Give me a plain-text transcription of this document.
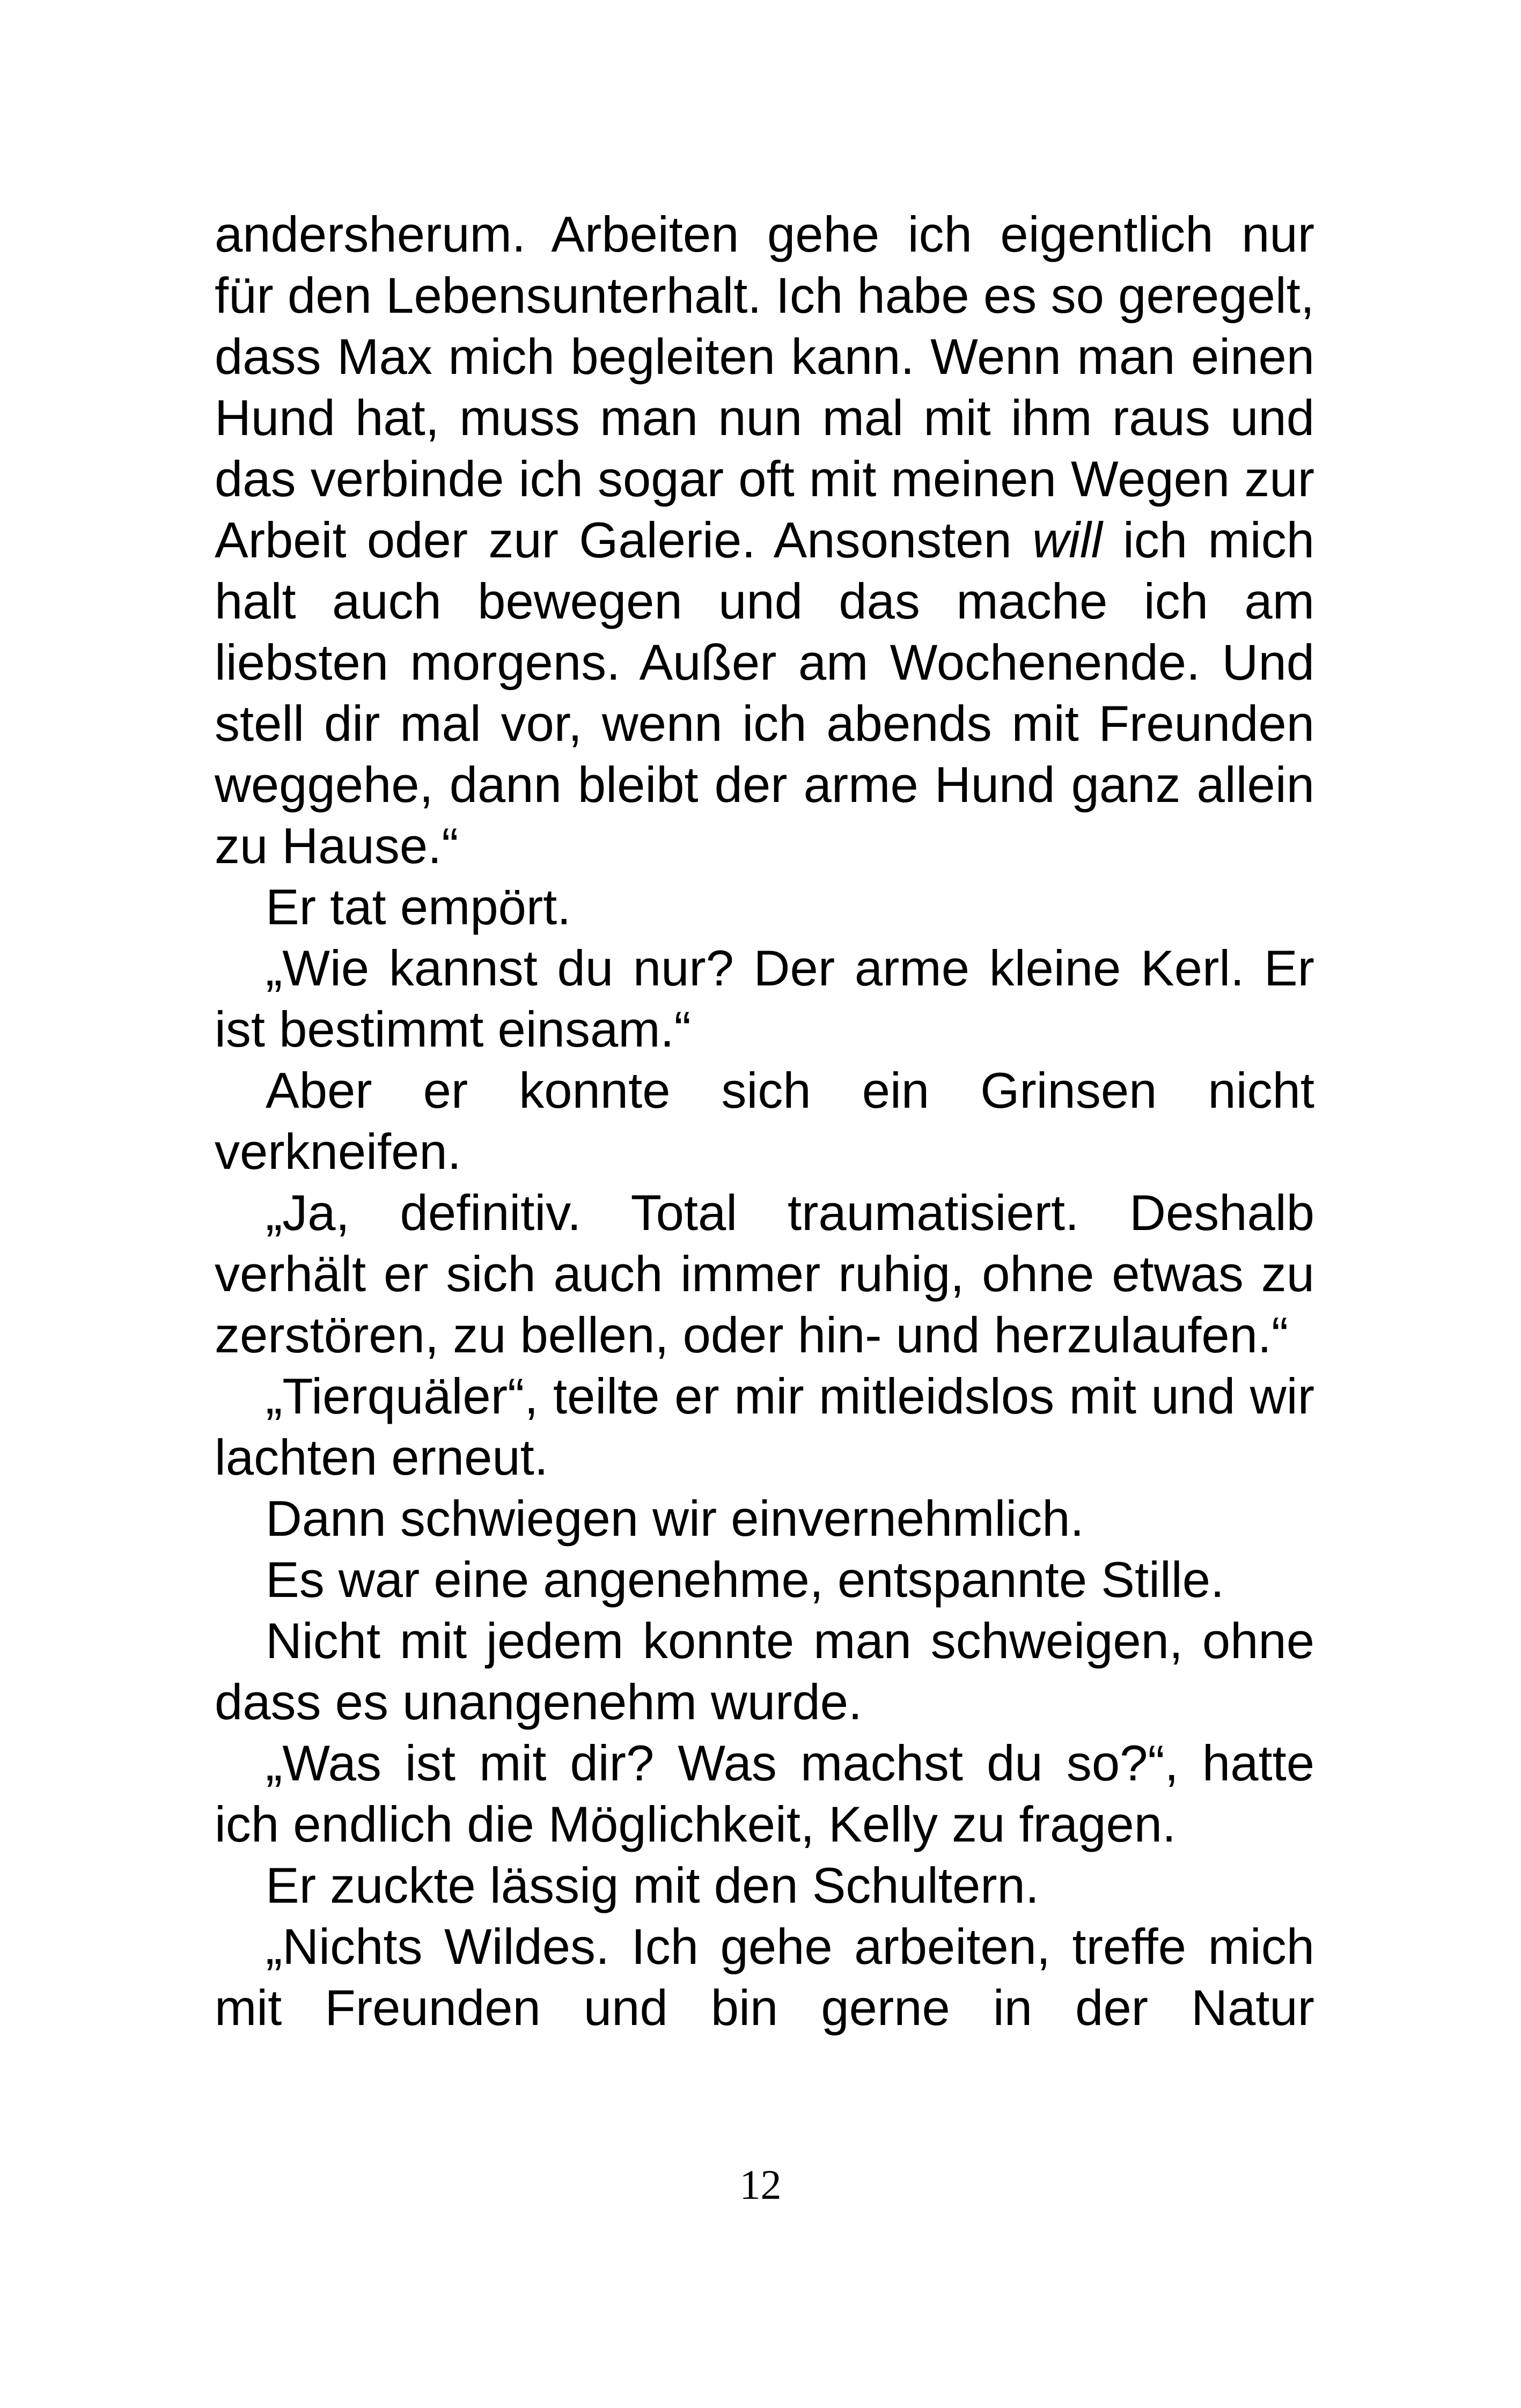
andersherum. Arbeiten gehe ich eigentlich nur für den Lebensunterhalt. Ich habe es so geregelt, dass Max mich begleiten kann. Wenn man einen Hund hat, muss man nun mal mit ihm raus und das verbinde ich sogar oft mit meinen Wegen zur Arbeit oder zur Galerie. Ansonsten will ich mich halt auch bewegen und das mache ich am liebsten morgens. Außer am Wochenende. Und stell dir mal vor, wenn ich abends mit Freunden weggehe, dann bleibt der arme Hund ganz allein zu Hause.“

Er tat empört.

„Wie kannst du nur? Der arme kleine Kerl. Er ist bestimmt einsam.“

Aber er konnte sich ein Grinsen nicht verkneifen.

„Ja, definitiv. Total traumatisiert. Deshalb verhält er sich auch immer ruhig, ohne etwas zu zerstören, zu bellen, oder hin- und herzulaufen.“

„Tierquäler“, teilte er mir mitleidslos mit und wir lachten erneut.

Dann schwiegen wir einvernehmlich.

Es war eine angenehme, entspannte Stille.

Nicht mit jedem konnte man schweigen, ohne dass es unangenehm wurde.

„Was ist mit dir? Was machst du so?“, hatte ich endlich die Möglichkeit, Kelly zu fragen.

Er zuckte lässig mit den Schultern.

„Nichts Wildes. Ich gehe arbeiten, treffe mich mit Freunden und bin gerne in der Natur

12
